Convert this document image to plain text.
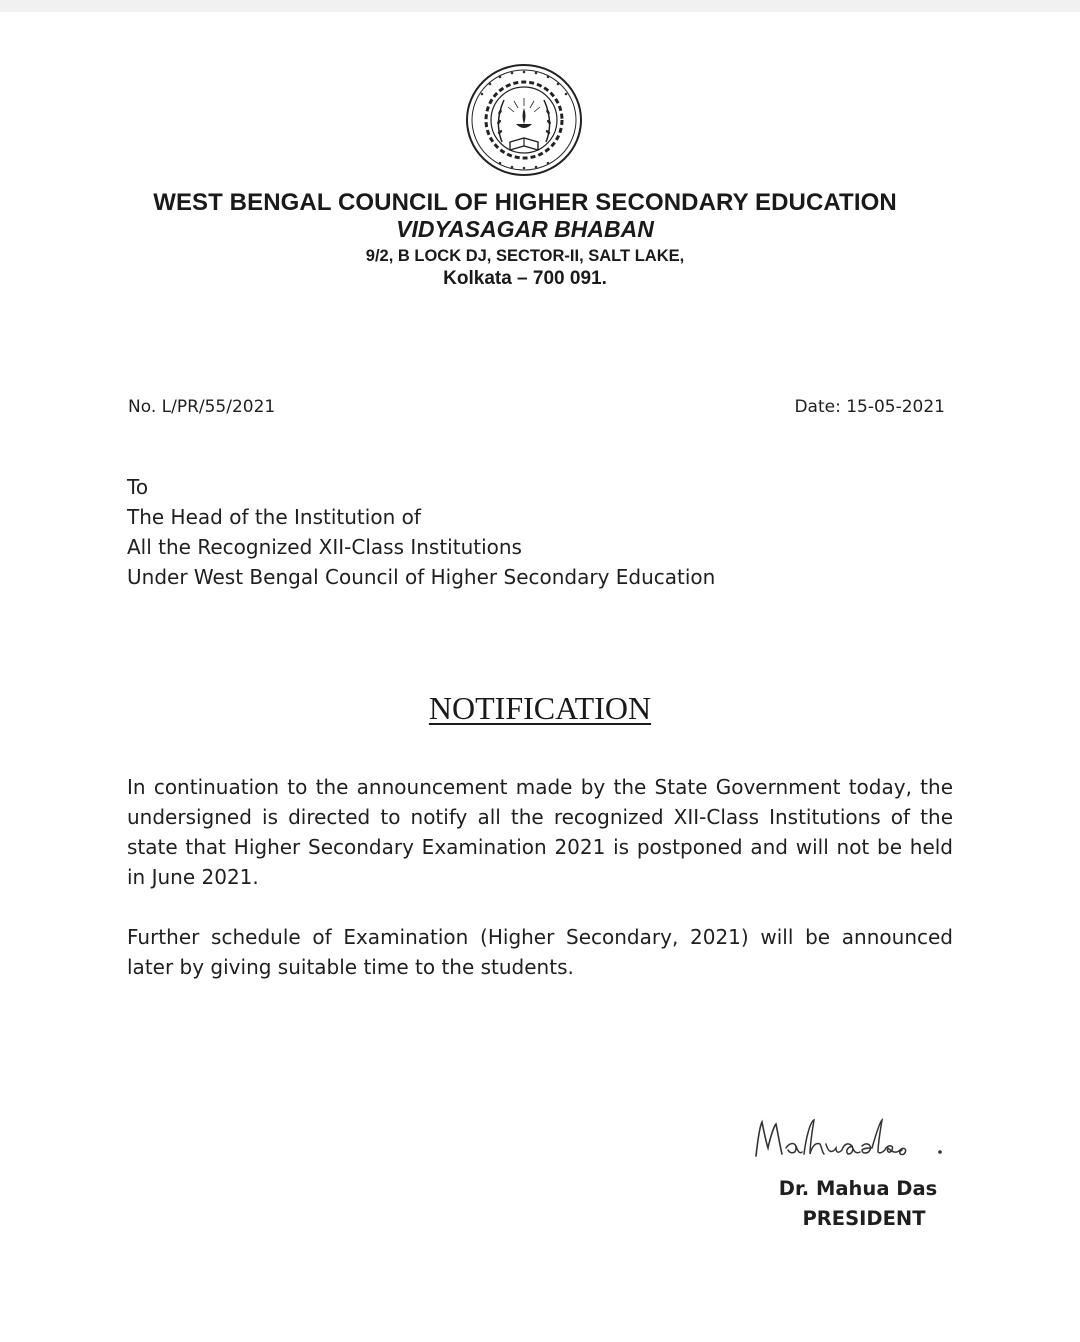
WEST BENGAL COUNCIL OF HIGHER SECONDARY EDUCATION
VIDYASAGAR BHABAN
9/2, B LOCK DJ, SECTOR-II, SALT LAKE,
Kolkata – 700 091.
No. L/PR/55/2021	Date: 15-05-2021
To
The Head of the Institution of
All the Recognized XII-Class Institutions
Under West Bengal Council of Higher Secondary Education
NOTIFICATION
In continuation to the announcement made by the State Government today, the undersigned is directed to notify all the recognized XII-Class Institutions of the state that Higher Secondary Examination 2021 is postponed and will not be held in June 2021.
Further schedule of Examination (Higher Secondary, 2021) will be announced later by giving suitable time to the students.
Dr. Mahua Das
PRESIDENT
